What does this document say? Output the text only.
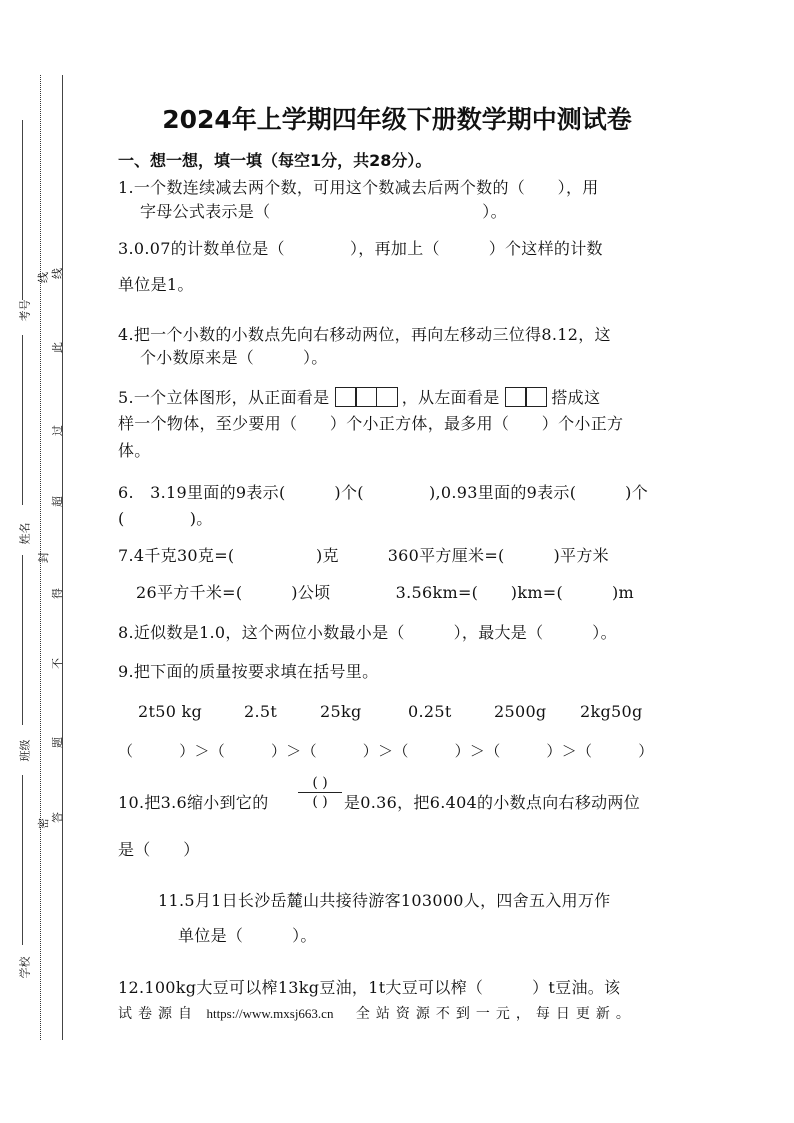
考号
姓名
班级
学校
线
此
过
超
得
不
题
答
线
封
密
2024年上学期四年级下册数学期中测试卷
一、想一想，填一填（每空1分，共28分）。
1.一个数连续减去两个数，可用这个数减去后两个数的（　　），用
字母公式表示是（　　　　　　　　　　　　　）。
3.0.07的计数单位是（　　　　），再加上（　　　）个这样的计数
单位是1。
4.把一个小数的小数点先向右移动两位，再向左移动三位得8.12，这
个小数原来是（　　　）。
5.一个立体图形，从正面看是	，从左面看是	搭成这
样一个物体，至少要用（　　）个小正方体，最多用（　　）个小正方
体。
6.　3.19里面的9表示(　　　)个(　　　　),0.93里面的9表示(　　　)个
(　　　　)。
7.4千克30克=(　　　　　)克　　　360平方厘米=(　　　)平方米
26平方千米=(　　　)公顷　　　　3.56km=(　　)km=(　　　)m
8.近似数是1.0，这个两位小数最小是（　　　），最大是（　　　）。
9.把下面的质量按要求填在括号里。
2t50 kg	2.5t	25kg	0.25t	2500g 2kg50g
（　　　）＞（　　　）＞（　　　）＞（　　　）＞（　　　）＞（　　　）
10.把3.6缩小到它的
( )
( )	是0.36，把6.404的小数点向右移动两位
是（　　）
11.5月1日长沙岳麓山共接待游客103000人，四舍五入用万作
单位是（　　　）。
12.100kg大豆可以榨13kg豆油，1t大豆可以榨（　　　）t豆油。该
试卷源自 https://www.mxsj663.cn 全站资源不到一元，每日更新。
